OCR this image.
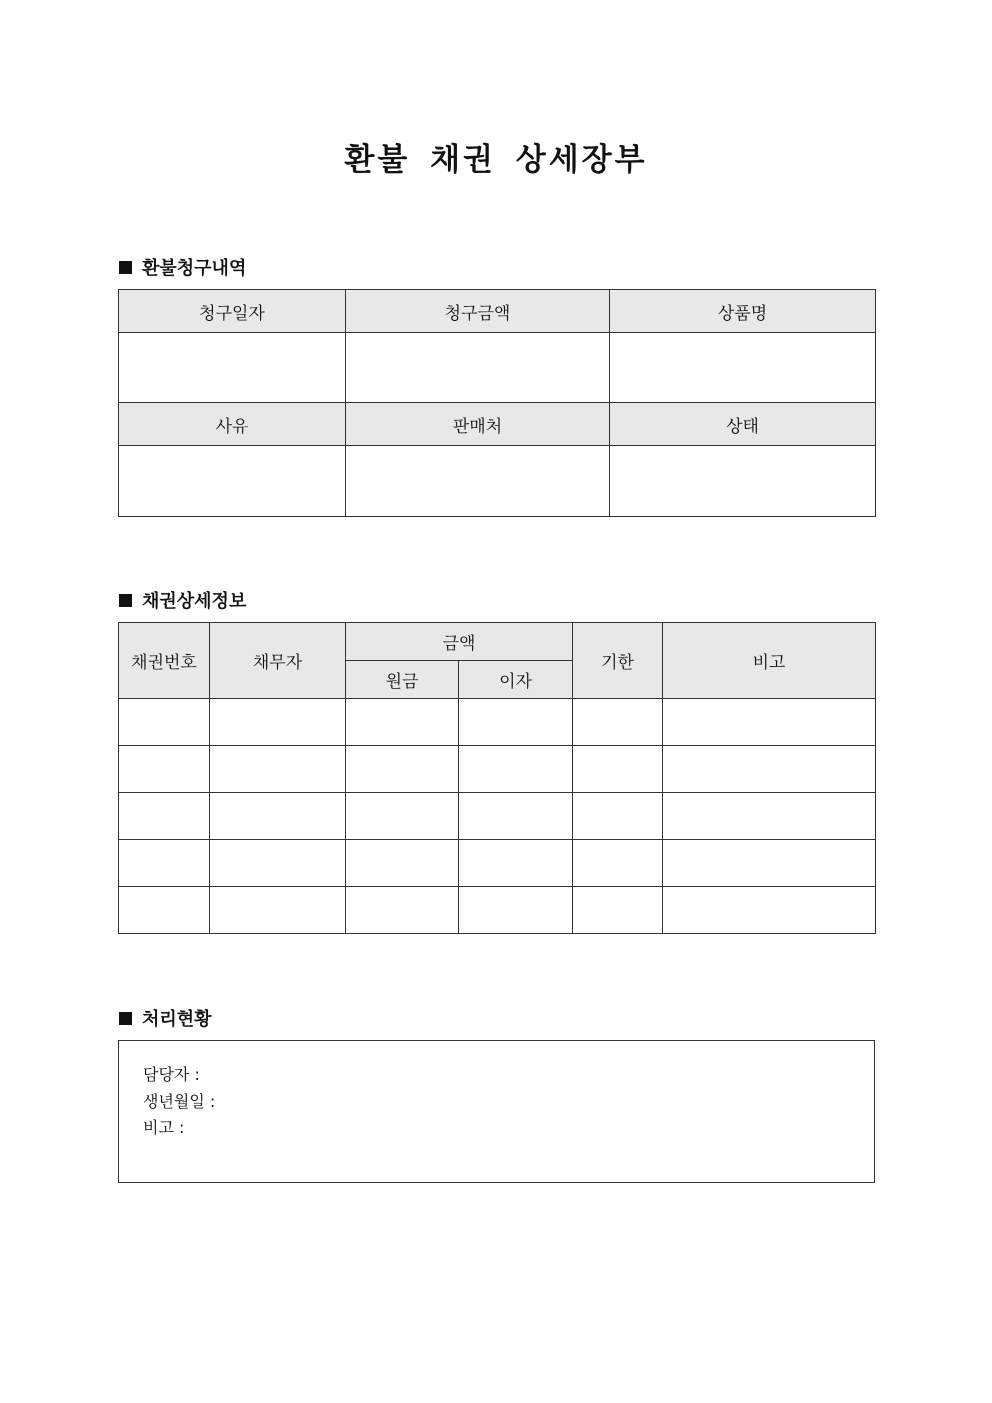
환불 채권 상세장부
환불청구내역
청구일자	청구금액	상품명

사유	판매처	상태

채권상세정보
채권번호	채무자	금액		기한	비고
		원금	이자		

처리현황
담당자 :
생년월일 :
비고 :
